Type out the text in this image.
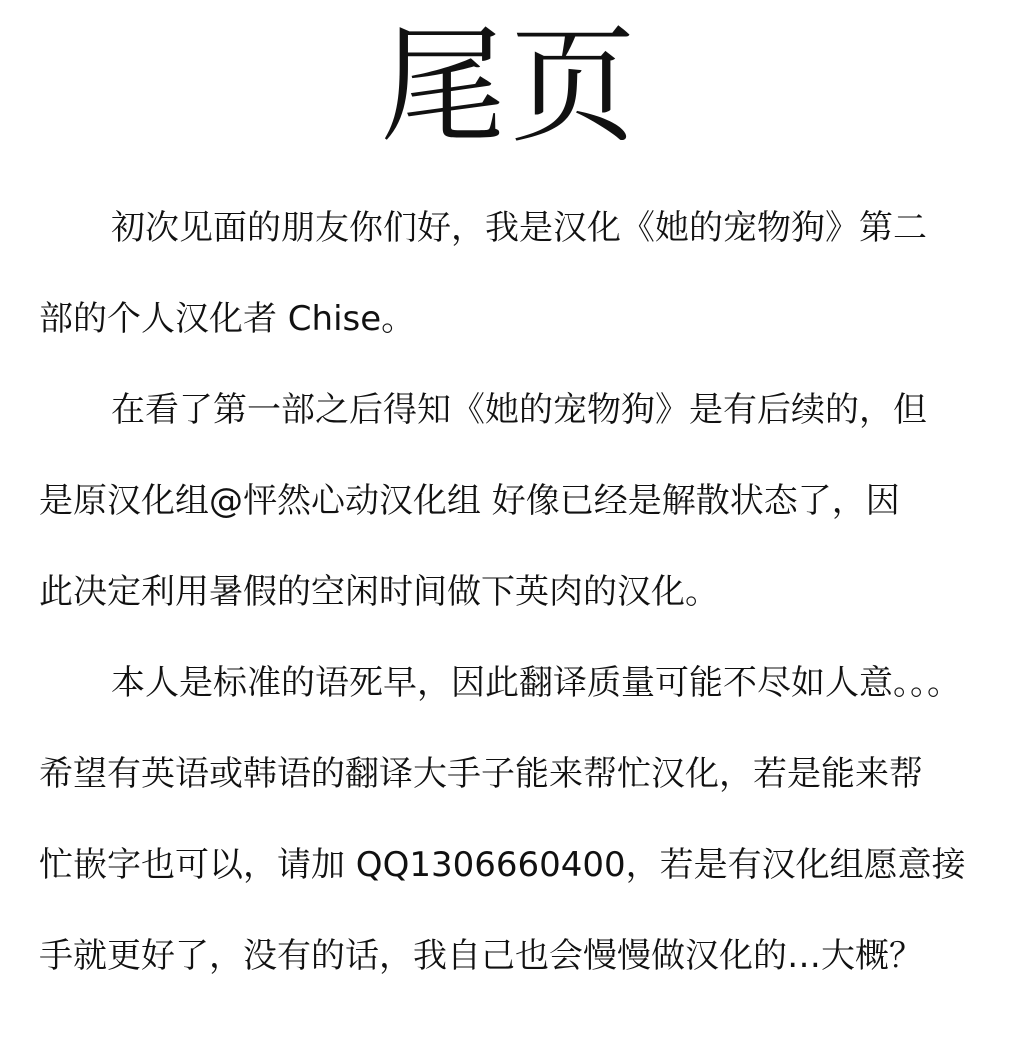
尾页
初次见面的朋友你们好，我是汉化《她的宠物狗》第二
部的个人汉化者 Chise。
在看了第一部之后得知《她的宠物狗》是有后续的，但
是原汉化组@怦然心动汉化组 好像已经是解散状态了，因
此决定利用暑假的空闲时间做下英肉的汉化。
本人是标准的语死早，因此翻译质量可能不尽如人意。。。
希望有英语或韩语的翻译大手子能来帮忙汉化，若是能来帮
忙嵌字也可以，请加 QQ1306660400，若是有汉化组愿意接
手就更好了，没有的话，我自己也会慢慢做汉化的…大概？
